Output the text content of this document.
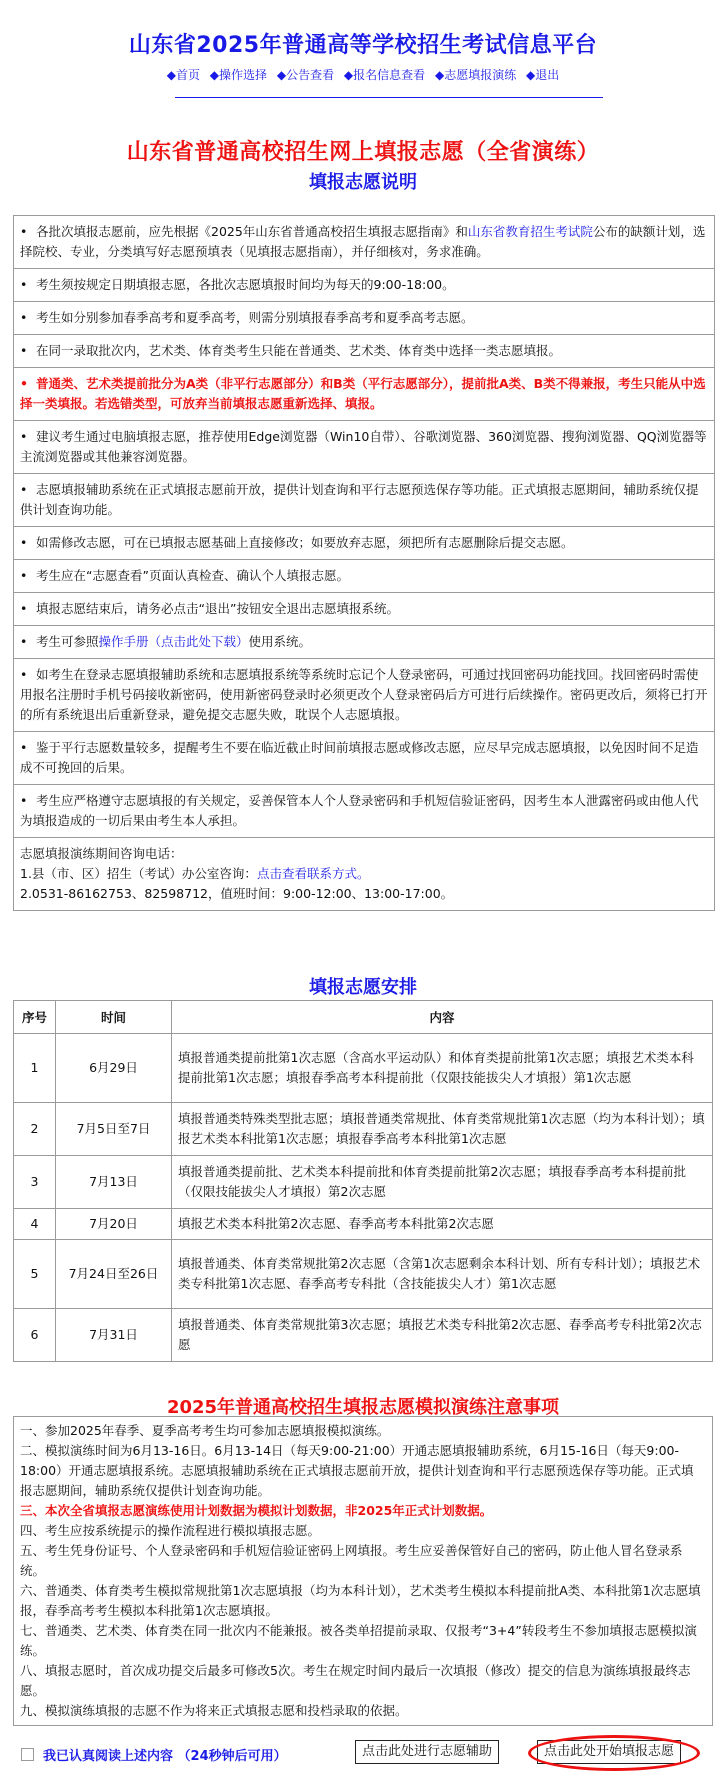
山东省2025年普通高等学校招生考试信息平台
◆首页 ◆操作选择 ◆公告查看 ◆报名信息查看 ◆志愿填报演练 ◆退出
山东省普通高校招生网上填报志愿（全省演练）
填报志愿说明
• 各批次填报志愿前，应先根据《2025年山东省普通高校招生填报志愿指南》和山东省教育招生考试院公布的缺额计划，选择院校、专业，分类填写好志愿预填表（见填报志愿指南），并仔细核对，务求准确。
• 考生须按规定日期填报志愿，各批次志愿填报时间均为每天的9:00-18:00。
• 考生如分别参加春季高考和夏季高考，则需分别填报春季高考和夏季高考志愿。
• 在同一录取批次内，艺术类、体育类考生只能在普通类、艺术类、体育类中选择一类志愿填报。
• 普通类、艺术类提前批分为A类（非平行志愿部分）和B类（平行志愿部分），提前批A类、B类不得兼报，考生只能从中选择一类填报。若选错类型，可放弃当前填报志愿重新选择、填报。
• 建议考生通过电脑填报志愿，推荐使用Edge浏览器（Win10自带）、谷歌浏览器、360浏览器、搜狗浏览器、QQ浏览器等主流浏览器或其他兼容浏览器。
• 志愿填报辅助系统在正式填报志愿前开放，提供计划查询和平行志愿预选保存等功能。正式填报志愿期间，辅助系统仅提供计划查询功能。
• 如需修改志愿，可在已填报志愿基础上直接修改；如要放弃志愿，须把所有志愿删除后提交志愿。
• 考生应在“志愿查看”页面认真检查、确认个人填报志愿。
• 填报志愿结束后，请务必点击“退出”按钮安全退出志愿填报系统。
• 考生可参照操作手册（点击此处下载）使用系统。
• 如考生在登录志愿填报辅助系统和志愿填报系统等系统时忘记个人登录密码，可通过找回密码功能找回。找回密码时需使用报名注册时手机号码接收新密码，使用新密码登录时必须更改个人登录密码后方可进行后续操作。密码更改后，须将已打开的所有系统退出后重新登录，避免提交志愿失败，耽误个人志愿填报。
• 鉴于平行志愿数量较多，提醒考生不要在临近截止时间前填报志愿或修改志愿，应尽早完成志愿填报，以免因时间不足造成不可挽回的后果。
• 考生应严格遵守志愿填报的有关规定，妥善保管本人个人登录密码和手机短信验证密码，因考生本人泄露密码或由他人代为填报造成的一切后果由考生本人承担。
志愿填报演练期间咨询电话：
1.县（市、区）招生（考试）办公室咨询：点击查看联系方式。
2.0531-86162753、82598712，值班时间：9:00-12:00、13:00-17:00。
填报志愿安排
序号	时间	内容
1	6月29日	填报普通类提前批第1次志愿（含高水平运动队）和体育类提前批第1次志愿；填报艺术类本科提前批第1次志愿；填报春季高考本科提前批（仅限技能拔尖人才填报）第1次志愿
2	7月5日至7日	填报普通类特殊类型批志愿；填报普通类常规批、体育类常规批第1次志愿（均为本科计划）；填报艺术类本科批第1次志愿；填报春季高考本科批第1次志愿
3	7月13日	填报普通类提前批、艺术类本科提前批和体育类提前批第2次志愿；填报春季高考本科提前批（仅限技能拔尖人才填报）第2次志愿
4	7月20日	填报艺术类本科批第2次志愿、春季高考本科批第2次志愿
5	7月24日至26日	填报普通类、体育类常规批第2次志愿（含第1次志愿剩余本科计划、所有专科计划）；填报艺术类专科批第1次志愿、春季高考专科批（含技能拔尖人才）第1次志愿
6	7月31日	填报普通类、体育类常规批第3次志愿；填报艺术类专科批第2次志愿、春季高考专科批第2次志愿
2025年普通高校招生填报志愿模拟演练注意事项
一、参加2025年春季、夏季高考考生均可参加志愿填报模拟演练。
二、模拟演练时间为6月13-16日。6月13-14日（每天9:00-21:00）开通志愿填报辅助系统，6月15-16日（每天9:00-18:00）开通志愿填报系统。志愿填报辅助系统在正式填报志愿前开放，提供计划查询和平行志愿预选保存等功能。正式填报志愿期间，辅助系统仅提供计划查询功能。
三、本次全省填报志愿演练使用计划数据为模拟计划数据，非2025年正式计划数据。
四、考生应按系统提示的操作流程进行模拟填报志愿。
五、考生凭身份证号、个人登录密码和手机短信验证密码上网填报。考生应妥善保管好自己的密码，防止他人冒名登录系统。
六、普通类、体育类考生模拟常规批第1次志愿填报（均为本科计划），艺术类考生模拟本科提前批A类、本科批第1次志愿填报，春季高考考生模拟本科批第1次志愿填报。
七、普通类、艺术类、体育类在同一批次内不能兼报。被各类单招提前录取、仅报考“3+4”转段考生不参加填报志愿模拟演练。
八、填报志愿时，首次成功提交后最多可修改5次。考生在规定时间内最后一次填报（修改）提交的信息为演练填报最终志愿。
九、模拟演练填报的志愿不作为将来正式填报志愿和投档录取的依据。
我已认真阅读上述内容 （24秒钟后可用）	点击此处进行志愿辅助	点击此处开始填报志愿
